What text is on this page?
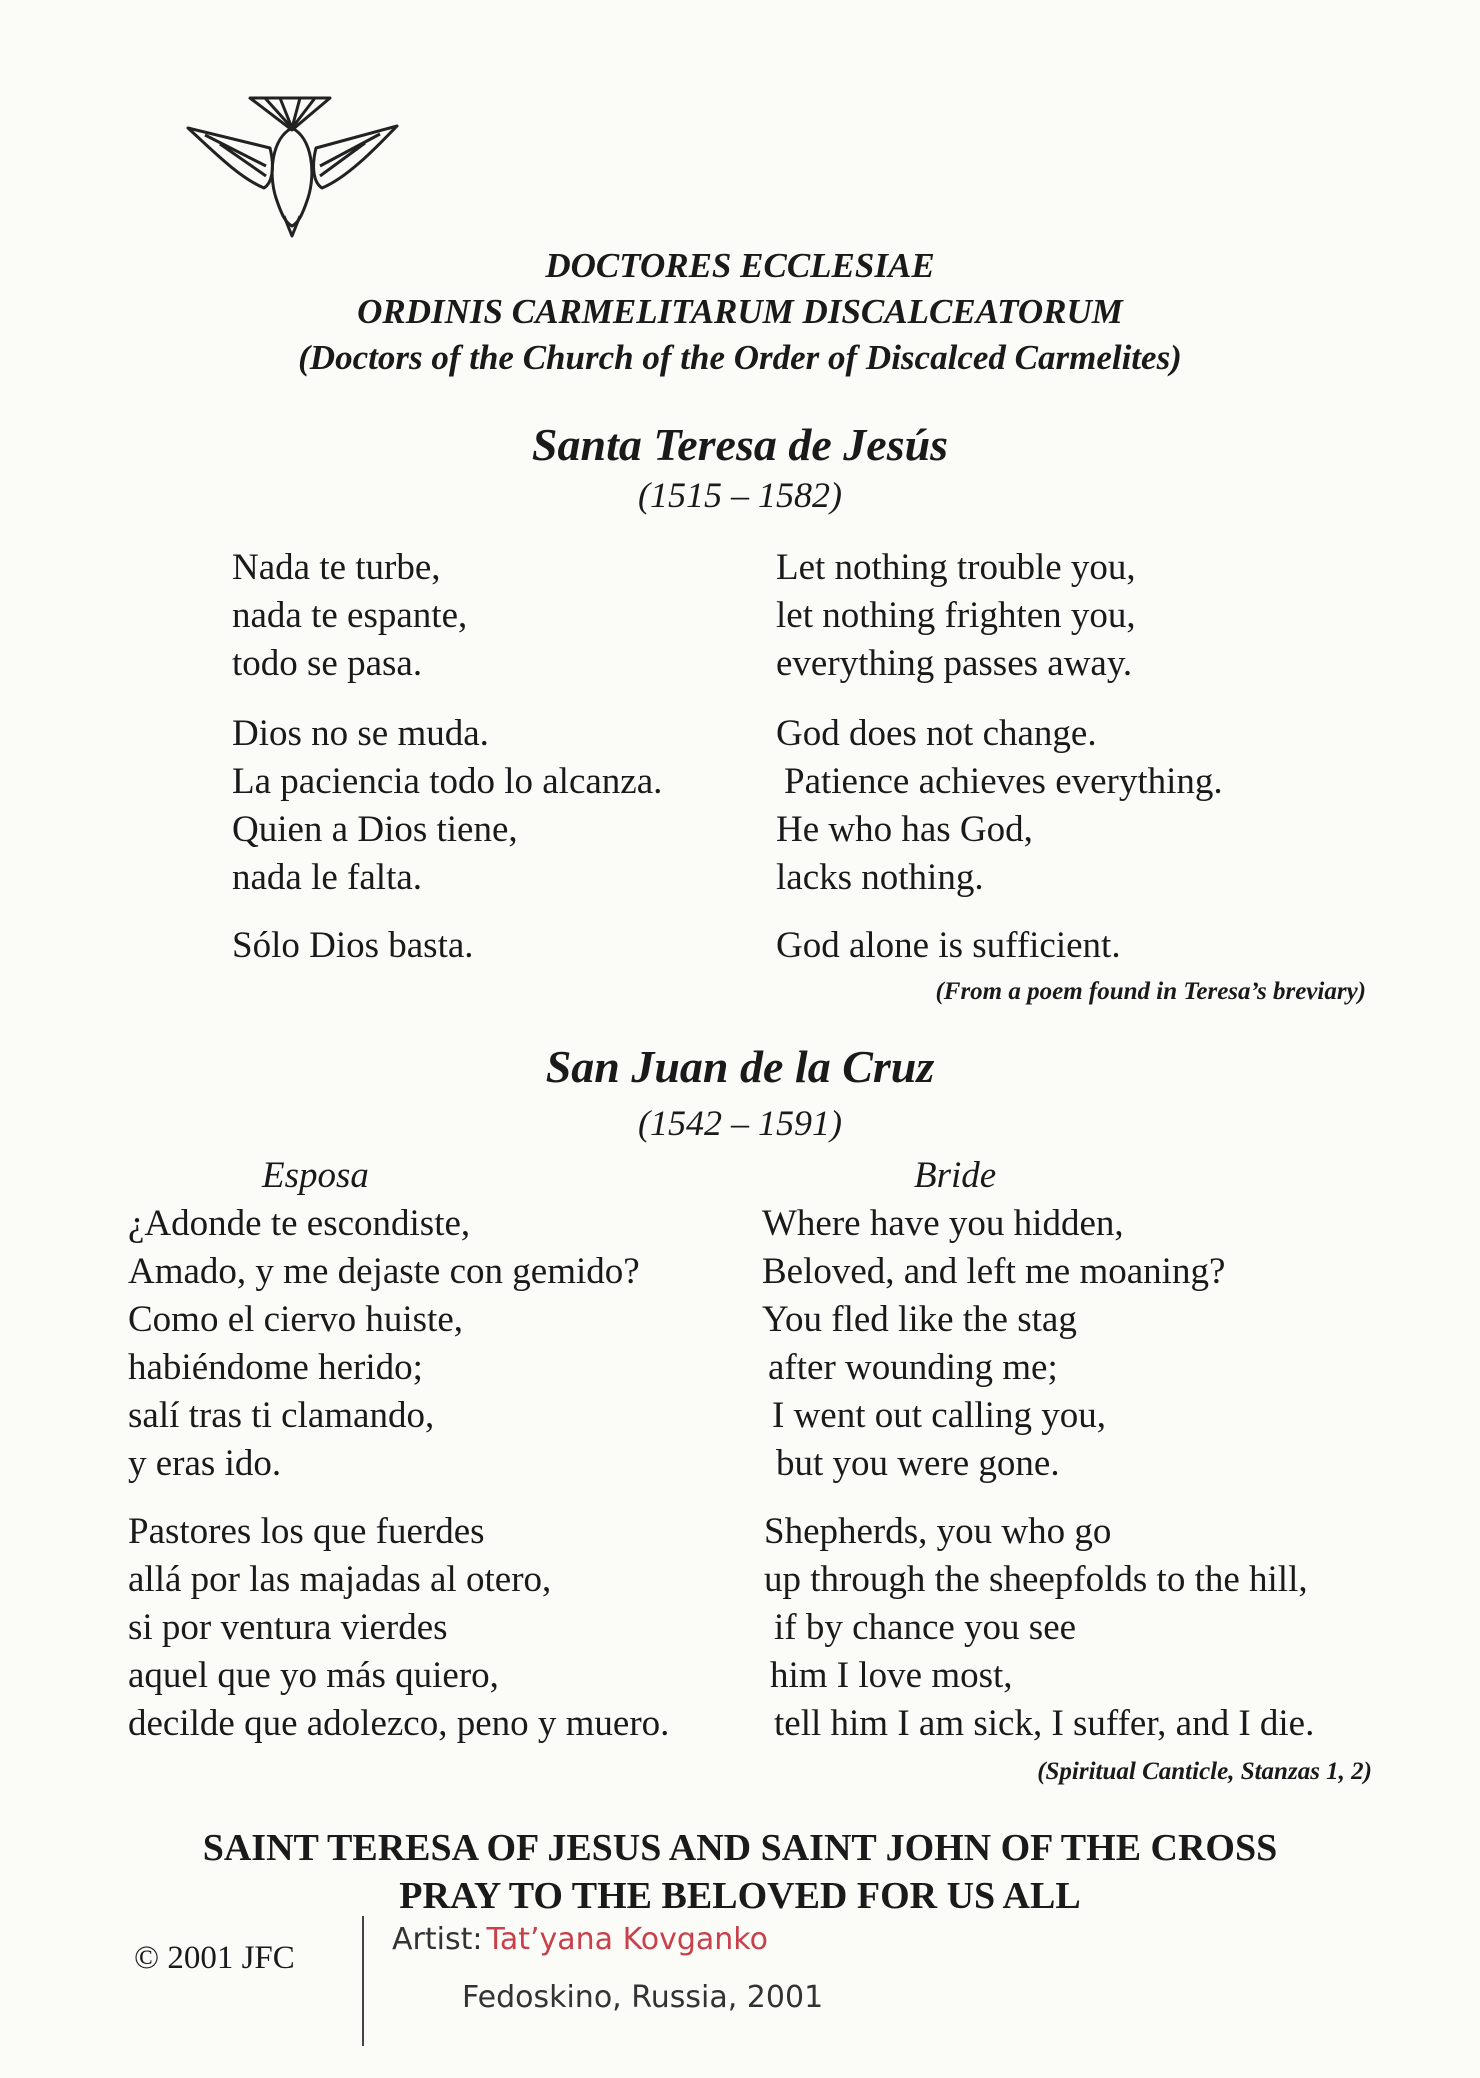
DOCTORES ECCLESIAE
ORDINIS CARMELITARUM DISCALCEATORUM
(Doctors of the Church of the Order of Discalced Carmelites)
Santa Teresa de Jesús
(1515 – 1582)
Nada te turbe,
nada te espante,
todo se pasa.
Dios no se muda.
La paciencia todo lo alcanza.
Quien a Dios tiene,
nada le falta.
Sólo Dios basta.
Let nothing trouble you,
let nothing frighten you,
everything passes away.
God does not change.
Patience achieves everything.
He who has God,
lacks nothing.
God alone is sufficient.
(From a poem found in Teresa’s breviary)
San Juan de la Cruz
(1542 – 1591)
Esposa	Bride
¿Adonde te escondiste,
Amado, y me dejaste con gemido?
Como el ciervo huiste,
habiéndome herido;
salí tras ti clamando,
y eras ido.
Pastores los que fuerdes
allá por las majadas al otero,
si por ventura vierdes
aquel que yo más quiero,
decilde que adolezco, peno y muero.
Where have you hidden,
Beloved, and left me moaning?
You fled like the stag
after wounding me;
I went out calling you,
but you were gone.
Shepherds, you who go
up through the sheepfolds to the hill,
if by chance you see
him I love most,
tell him I am sick, I suffer, and I die.
(Spiritual Canticle, Stanzas 1, 2)
SAINT TERESA OF JESUS AND SAINT JOHN OF THE CROSS
PRAY TO THE BELOVED FOR US ALL
© 2001 JFC
Artist: Tat’yana Kovganko
Fedoskino, Russia, 2001
